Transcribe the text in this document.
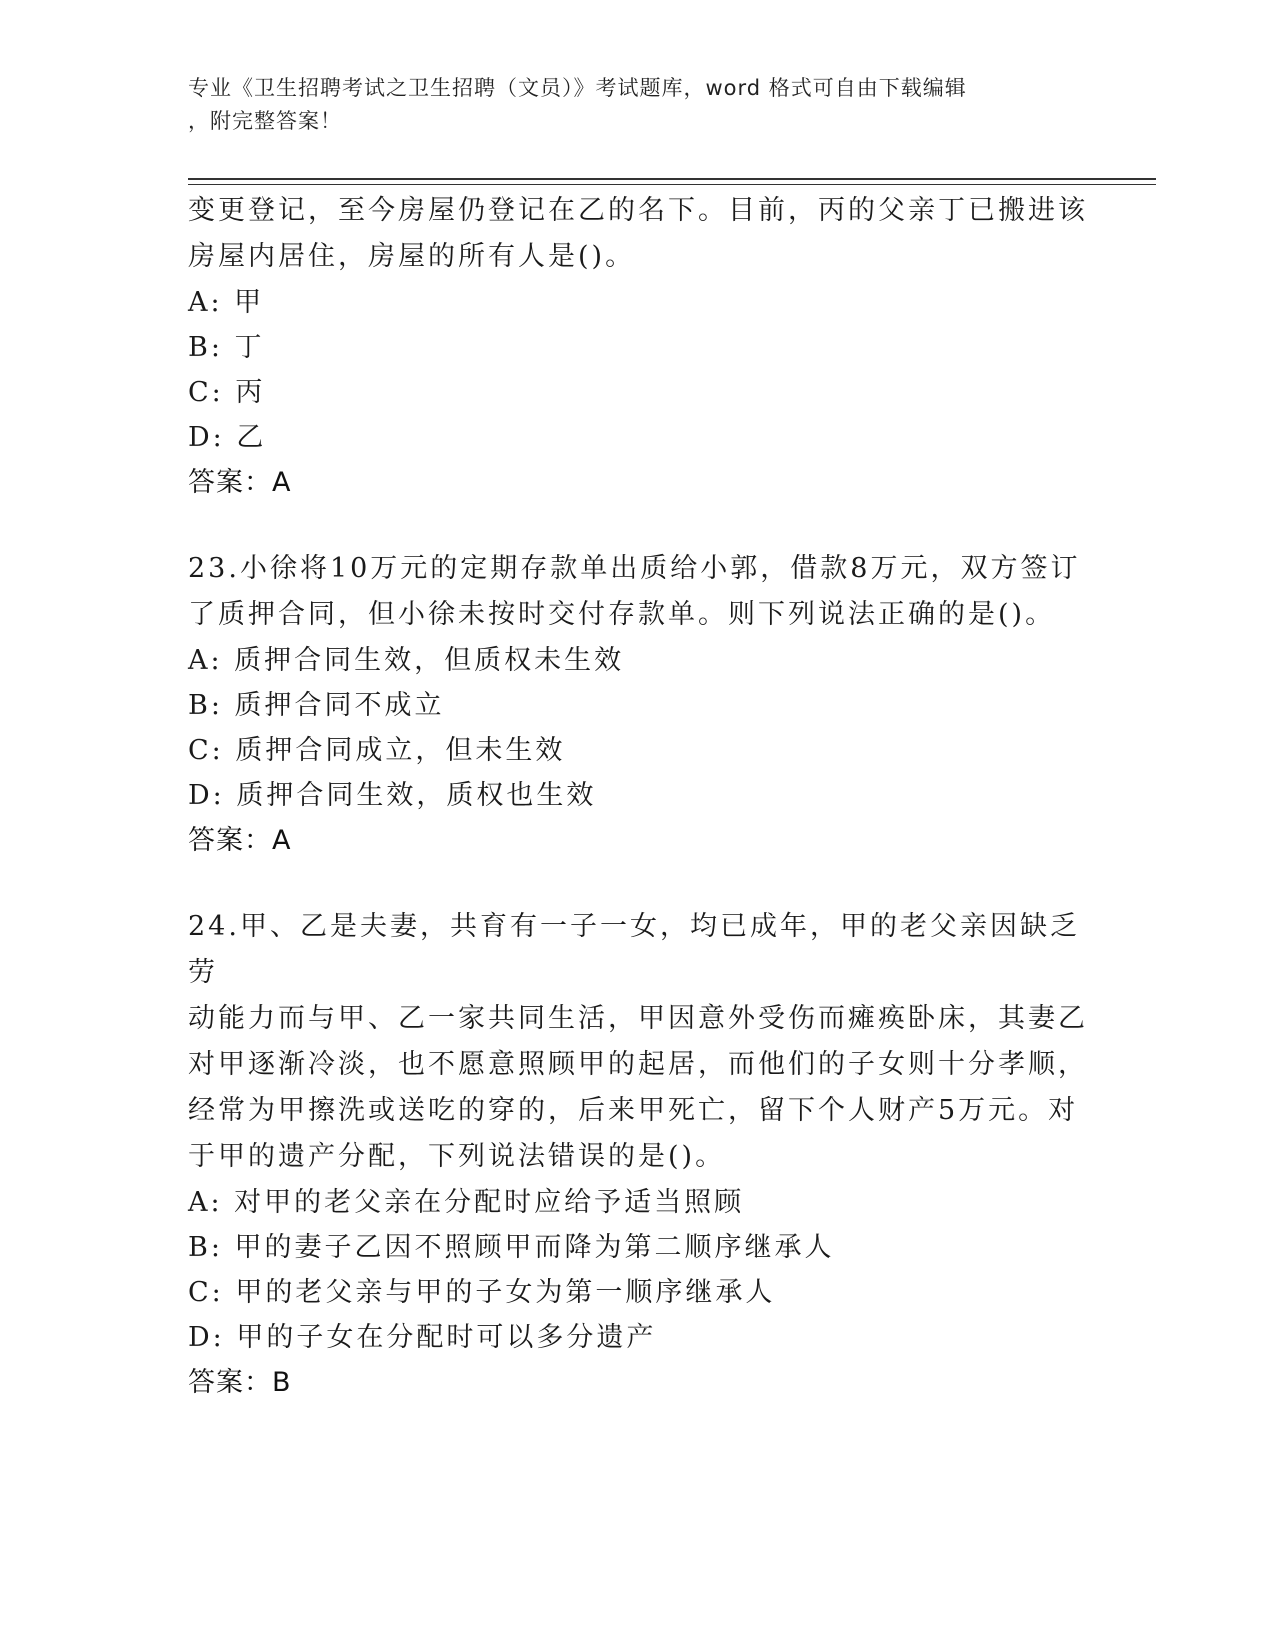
专业《卫生招聘考试之卫生招聘（文员）》考试题库，word 格式可自由下载编辑
，附完整答案！

变更登记，至今房屋仍登记在乙的名下。目前，丙的父亲丁已搬进该

房屋内居住，房屋的所有人是()。

A: 甲

B: 丁

C: 丙

D: 乙

答案：A

23.小徐将10万元的定期存款单出质给小郭，借款8万元，双方签订

了质押合同，但小徐未按时交付存款单。则下列说法正确的是()。

A: 质押合同生效，但质权未生效

B: 质押合同不成立

C: 质押合同成立，但未生效

D: 质押合同生效，质权也生效

答案：A

24.甲、乙是夫妻，共育有一子一女，均已成年，甲的老父亲因缺乏劳

动能力而与甲、乙一家共同生活，甲因意外受伤而瘫痪卧床，其妻乙

对甲逐渐冷淡，也不愿意照顾甲的起居，而他们的子女则十分孝顺，

经常为甲擦洗或送吃的穿的，后来甲死亡，留下个人财产5万元。对

于甲的遗产分配，下列说法错误的是()。

A: 对甲的老父亲在分配时应给予适当照顾

B: 甲的妻子乙因不照顾甲而降为第二顺序继承人

C: 甲的老父亲与甲的子女为第一顺序继承人

D: 甲的子女在分配时可以多分遗产

答案：B
